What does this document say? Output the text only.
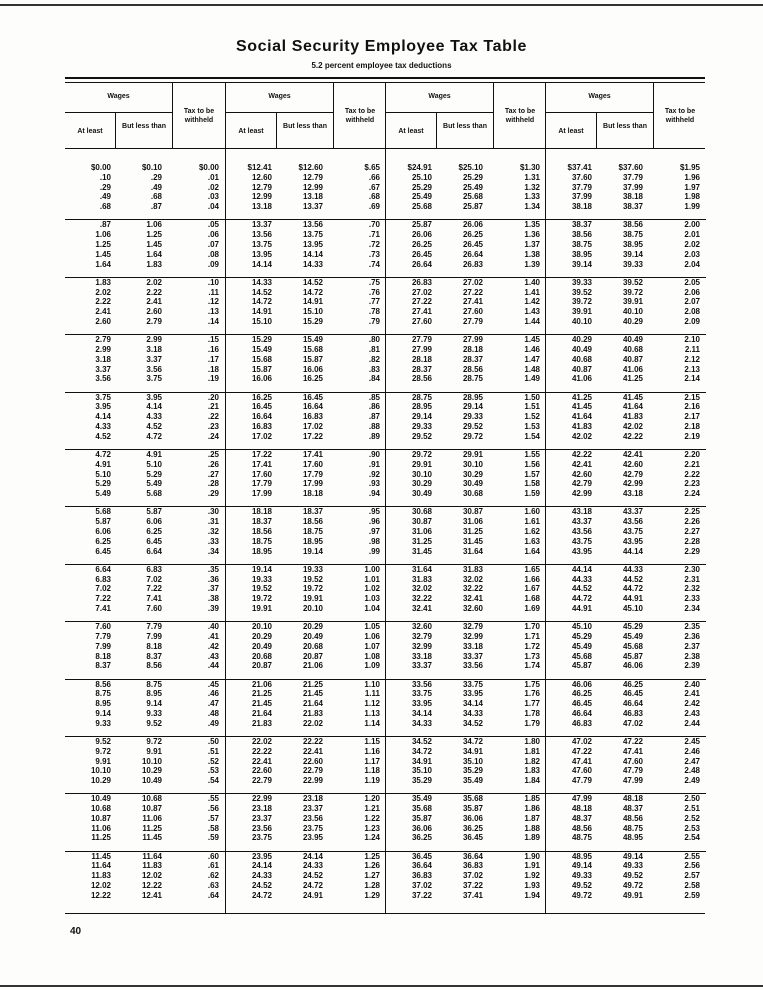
Social Security Employee Tax Table
5.2 percent employee tax deductions
Wages
At least
But less than
Tax to be withheld
$0.00	$0.10	$0.00
.10	.29	.01
.29	.49	.02
.49	.68	.03
.68	.87	.04
.87	1.06	.05
1.06	1.25	.06
1.25	1.45	.07
1.45	1.64	.08
1.64	1.83	.09
1.83	2.02	.10
2.02	2.22	.11
2.22	2.41	.12
2.41	2.60	.13
2.60	2.79	.14
2.79	2.99	.15
2.99	3.18	.16
3.18	3.37	.17
3.37	3.56	.18
3.56	3.75	.19
3.75	3.95	.20
3.95	4.14	.21
4.14	4.33	.22
4.33	4.52	.23
4.52	4.72	.24
4.72	4.91	.25
4.91	5.10	.26
5.10	5.29	.27
5.29	5.49	.28
5.49	5.68	.29
5.68	5.87	.30
5.87	6.06	.31
6.06	6.25	.32
6.25	6.45	.33
6.45	6.64	.34
6.64	6.83	.35
6.83	7.02	.36
7.02	7.22	.37
7.22	7.41	.38
7.41	7.60	.39
7.60	7.79	.40
7.79	7.99	.41
7.99	8.18	.42
8.18	8.37	.43
8.37	8.56	.44
8.56	8.75	.45
8.75	8.95	.46
8.95	9.14	.47
9.14	9.33	.48
9.33	9.52	.49
9.52	9.72	.50
9.72	9.91	.51
9.91	10.10	.52
10.10	10.29	.53
10.29	10.49	.54
10.49	10.68	.55
10.68	10.87	.56
10.87	11.06	.57
11.06	11.25	.58
11.25	11.45	.59
11.45	11.64	.60
11.64	11.83	.61
11.83	12.02	.62
12.02	12.22	.63
12.22	12.41	.64
Wages
At least
But less than
Tax to be withheld
$12.41	$12.60	$.65
12.60	12.79	.66
12.79	12.99	.67
12.99	13.18	.68
13.18	13.37	.69
13.37	13.56	.70
13.56	13.75	.71
13.75	13.95	.72
13.95	14.14	.73
14.14	14.33	.74
14.33	14.52	.75
14.52	14.72	.76
14.72	14.91	.77
14.91	15.10	.78
15.10	15.29	.79
15.29	15.49	.80
15.49	15.68	.81
15.68	15.87	.82
15.87	16.06	.83
16.06	16.25	.84
16.25	16.45	.85
16.45	16.64	.86
16.64	16.83	.87
16.83	17.02	.88
17.02	17.22	.89
17.22	17.41	.90
17.41	17.60	.91
17.60	17.79	.92
17.79	17.99	.93
17.99	18.18	.94
18.18	18.37	.95
18.37	18.56	.96
18.56	18.75	.97
18.75	18.95	.98
18.95	19.14	.99
19.14	19.33	1.00
19.33	19.52	1.01
19.52	19.72	1.02
19.72	19.91	1.03
19.91	20.10	1.04
20.10	20.29	1.05
20.29	20.49	1.06
20.49	20.68	1.07
20.68	20.87	1.08
20.87	21.06	1.09
21.06	21.25	1.10
21.25	21.45	1.11
21.45	21.64	1.12
21.64	21.83	1.13
21.83	22.02	1.14
22.02	22.22	1.15
22.22	22.41	1.16
22.41	22.60	1.17
22.60	22.79	1.18
22.79	22.99	1.19
22.99	23.18	1.20
23.18	23.37	1.21
23.37	23.56	1.22
23.56	23.75	1.23
23.75	23.95	1.24
23.95	24.14	1.25
24.14	24.33	1.26
24.33	24.52	1.27
24.52	24.72	1.28
24.72	24.91	1.29
Wages
At least
But less than
Tax to be withheld
$24.91	$25.10	$1.30
25.10	25.29	1.31
25.29	25.49	1.32
25.49	25.68	1.33
25.68	25.87	1.34
25.87	26.06	1.35
26.06	26.25	1.36
26.25	26.45	1.37
26.45	26.64	1.38
26.64	26.83	1.39
26.83	27.02	1.40
27.02	27.22	1.41
27.22	27.41	1.42
27.41	27.60	1.43
27.60	27.79	1.44
27.79	27.99	1.45
27.99	28.18	1.46
28.18	28.37	1.47
28.37	28.56	1.48
28.56	28.75	1.49
28.75	28.95	1.50
28.95	29.14	1.51
29.14	29.33	1.52
29.33	29.52	1.53
29.52	29.72	1.54
29.72	29.91	1.55
29.91	30.10	1.56
30.10	30.29	1.57
30.29	30.49	1.58
30.49	30.68	1.59
30.68	30.87	1.60
30.87	31.06	1.61
31.06	31.25	1.62
31.25	31.45	1.63
31.45	31.64	1.64
31.64	31.83	1.65
31.83	32.02	1.66
32.02	32.22	1.67
32.22	32.41	1.68
32.41	32.60	1.69
32.60	32.79	1.70
32.79	32.99	1.71
32.99	33.18	1.72
33.18	33.37	1.73
33.37	33.56	1.74
33.56	33.75	1.75
33.75	33.95	1.76
33.95	34.14	1.77
34.14	34.33	1.78
34.33	34.52	1.79
34.52	34.72	1.80
34.72	34.91	1.81
34.91	35.10	1.82
35.10	35.29	1.83
35.29	35.49	1.84
35.49	35.68	1.85
35.68	35.87	1.86
35.87	36.06	1.87
36.06	36.25	1.88
36.25	36.45	1.89
36.45	36.64	1.90
36.64	36.83	1.91
36.83	37.02	1.92
37.02	37.22	1.93
37.22	37.41	1.94
Wages
At least
But less than
Tax to be withheld
$37.41	$37.60	$1.95
37.60	37.79	1.96
37.79	37.99	1.97
37.99	38.18	1.98
38.18	38.37	1.99
38.37	38.56	2.00
38.56	38.75	2.01
38.75	38.95	2.02
38.95	39.14	2.03
39.14	39.33	2.04
39.33	39.52	2.05
39.52	39.72	2.06
39.72	39.91	2.07
39.91	40.10	2.08
40.10	40.29	2.09
40.29	40.49	2.10
40.49	40.68	2.11
40.68	40.87	2.12
40.87	41.06	2.13
41.06	41.25	2.14
41.25	41.45	2.15
41.45	41.64	2.16
41.64	41.83	2.17
41.83	42.02	2.18
42.02	42.22	2.19
42.22	42.41	2.20
42.41	42.60	2.21
42.60	42.79	2.22
42.79	42.99	2.23
42.99	43.18	2.24
43.18	43.37	2.25
43.37	43.56	2.26
43.56	43.75	2.27
43.75	43.95	2.28
43.95	44.14	2.29
44.14	44.33	2.30
44.33	44.52	2.31
44.52	44.72	2.32
44.72	44.91	2.33
44.91	45.10	2.34
45.10	45.29	2.35
45.29	45.49	2.36
45.49	45.68	2.37
45.68	45.87	2.38
45.87	46.06	2.39
46.06	46.25	2.40
46.25	46.45	2.41
46.45	46.64	2.42
46.64	46.83	2.43
46.83	47.02	2.44
47.02	47.22	2.45
47.22	47.41	2.46
47.41	47.60	2.47
47.60	47.79	2.48
47.79	47.99	2.49
47.99	48.18	2.50
48.18	48.37	2.51
48.37	48.56	2.52
48.56	48.75	2.53
48.75	48.95	2.54
48.95	49.14	2.55
49.14	49.33	2.56
49.33	49.52	2.57
49.52	49.72	2.58
49.72	49.91	2.59
40
